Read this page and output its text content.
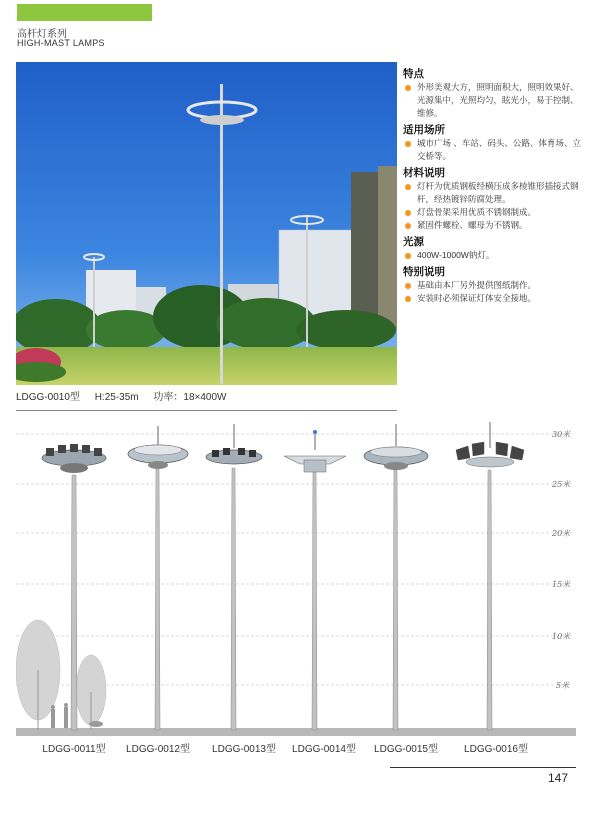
高杆灯系列
HIGH-MAST LAMPS
LDGG-0010型 H:25-35m 功率：18×400W
特点
外形美观大方，照明面积大，照明效果好、光源集中，光照均匀，眩光小，易于控制、维修。
适用场所
城市广场 、车站、码头、公路、体育场、立交桥等。
材料说明
灯杆为优质钢板经横压成多棱锥形插接式钢杆，经热镀锌防腐处理。
灯盘骨架采用优质不锈钢制成。
紧固件螺栓、螺母为不锈钢。
光源
400W-1000W钠灯。
特别说明
基础由本厂另外提供图纸制作。
安装时必须保证灯体安全接地。
30米
25米
20米
15米
10米
5米
LDGG-0011型 LDGG-0012型 LDGG-0013型 LDGG-0014型 LDGG-0015型	LDGG-0016型
147
